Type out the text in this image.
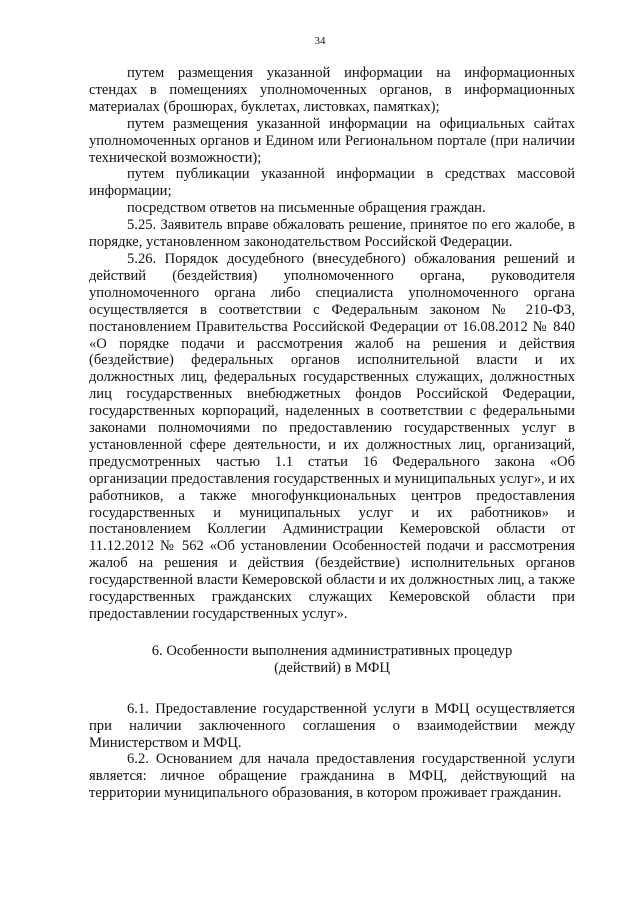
34

путем размещения указанной информации на информационных стендах в помещениях уполномоченных органов, в информационных материалах (брошюрах, буклетах, листовках, памятках);

путем размещения указанной информации на официальных сайтах уполномоченных органов и Едином или Региональном портале (при наличии технической возможности);

путем публикации указанной информации в средствах массовой информации;

посредством ответов на письменные обращения граждан.

5.25. Заявитель вправе обжаловать решение, принятое по его жалобе, в порядке, установленном законодательством Российской Федерации.

5.26. Порядок досудебного (внесудебного) обжалования решений и действий (бездействия) уполномоченного органа, руководителя уполномоченного органа либо специалиста уполномоченного органа осуществляется в соответствии с Федеральным законом № 210-ФЗ, постановлением Правительства Российской Федерации от 16.08.2012 № 840 «О порядке подачи и рассмотрения жалоб на решения и действия (бездействие) федеральных органов исполнительной власти и их должностных лиц, федеральных государственных служащих, должностных лиц государственных внебюджетных фондов Российской Федерации, государственных корпораций, наделенных в соответствии с федеральными законами полномочиями по предоставлению государственных услуг в установленной сфере деятельности, и их должностных лиц, организаций, предусмотренных частью 1.1 статьи 16 Федерального закона «Об организации предоставления государственных и муниципальных услуг», и их работников, а также многофункциональных центров предоставления государственных и муниципальных услуг и их работников» и постановлением Коллегии Администрации Кемеровской области от 11.12.2012 № 562 «Об установлении Особенностей подачи и рассмотрения жалоб на решения и действия (бездействие) исполнительных органов государственной власти Кемеровской области и их должностных лиц, а также государственных гражданских служащих Кемеровской области при предоставлении государственных услуг».

6. Особенности выполнения административных процедур
(действий) в МФЦ

6.1. Предоставление государственной услуги в МФЦ осуществляется при наличии заключенного соглашения о взаимодействии между Министерством и МФЦ.

6.2. Основанием для начала предоставления государственной услуги является: личное обращение гражданина в МФЦ, действующий на территории муниципального образования, в котором проживает гражданин.
